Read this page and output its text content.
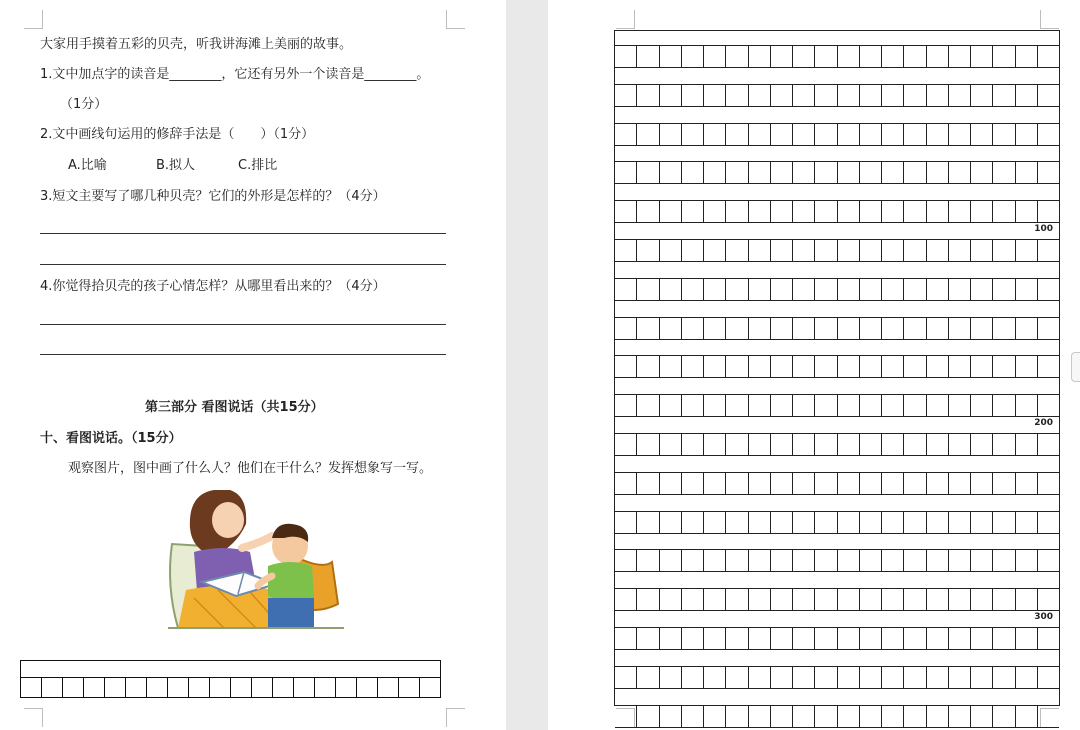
大家用手摸着五彩的贝壳，听我讲海滩上美丽的故事。
1.文中加点字的读音是________，它还有另外一个读音是________。
（1分）
2.文中画线句运用的修辞手法是（　　）（1分）
A.比喻	B.拟人	C.排比
3.短文主要写了哪几种贝壳？它们的外形是怎样的？（4分）
4.你觉得拾贝壳的孩子心情怎样？从哪里看出来的？（4分）
第三部分 看图说话（共15分）
十、看图说话。（15分）
观察图片，图中画了什么人？他们在干什么？发挥想象写一写。

100
200
300
